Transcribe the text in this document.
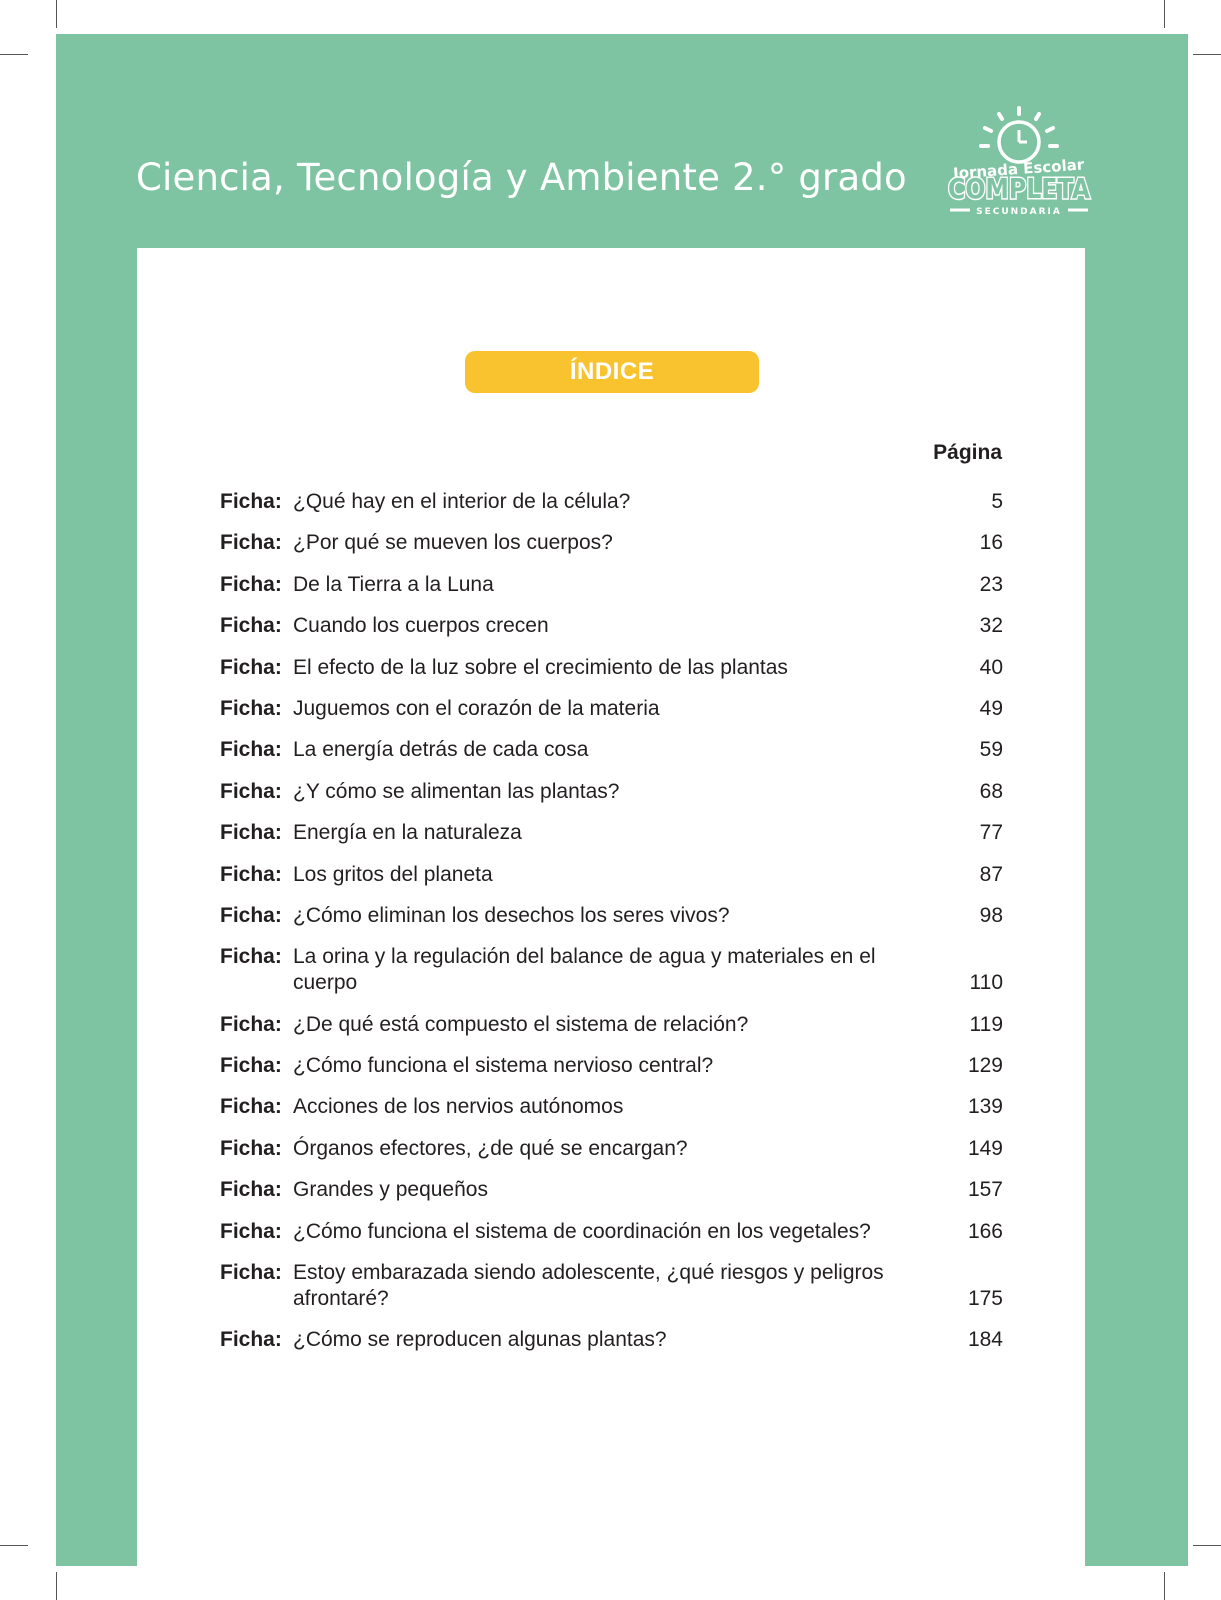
Ciencia, Tecnología y Ambiente 2.° grado	Jornada Escolar
COMPLETA
SECUNDARIA
ÍNDICE
Página
Ficha: ¿Qué hay en el interior de la célula?	5
Ficha: ¿Por qué se mueven los cuerpos?	16
Ficha: De la Tierra a la Luna	23
Ficha: Cuando los cuerpos crecen	32
Ficha: El efecto de la luz sobre el crecimiento de las plantas	40
Ficha: Juguemos con el corazón de la materia	49
Ficha: La energía detrás de cada cosa	59
Ficha: ¿Y cómo se alimentan las plantas?	68
Ficha: Energía en la naturaleza	77
Ficha: Los gritos del planeta	87
Ficha: ¿Cómo eliminan los desechos los seres vivos?	98
Ficha: La orina y la regulación del balance de agua y materiales en el cuerpo	110
Ficha: ¿De qué está compuesto el sistema de relación?	119
Ficha: ¿Cómo funciona el sistema nervioso central?	129
Ficha: Acciones de los nervios autónomos	139
Ficha: Órganos efectores, ¿de qué se encargan?	149
Ficha: Grandes y pequeños	157
Ficha: ¿Cómo funciona el sistema de coordinación en los vegetales?	166
Ficha: Estoy embarazada siendo adolescente, ¿qué riesgos y peligros afrontaré?	175
Ficha: ¿Cómo se reproducen algunas plantas?	184
